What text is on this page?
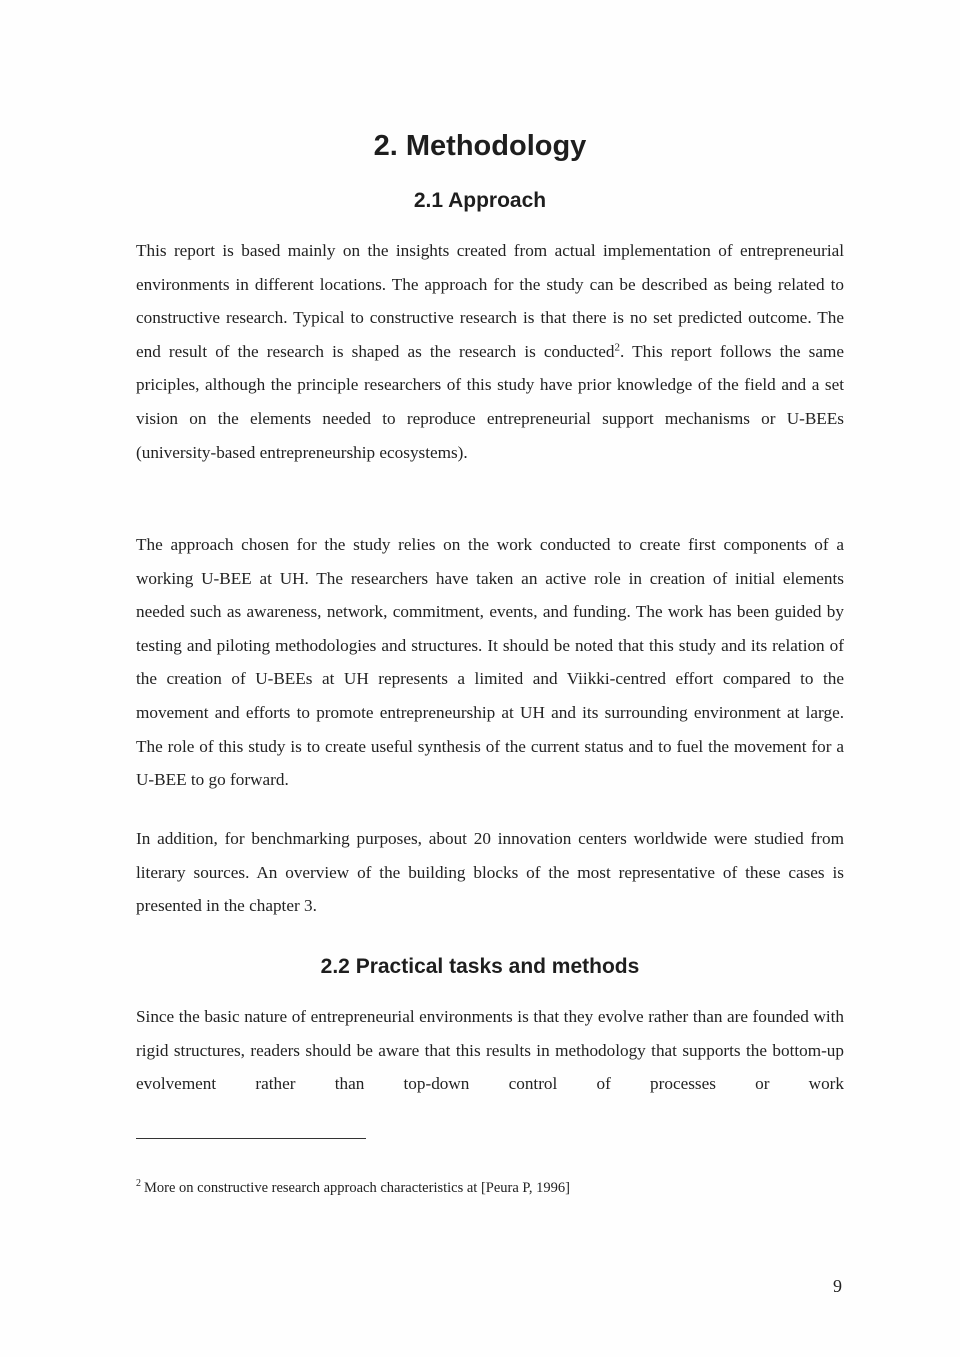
2. Methodology
2.1 Approach

This report is based mainly on the insights created from actual implementation of entrepreneurial environments in different locations. The approach for the study can be described as being related to constructive research. Typical to constructive research is that there is no set predicted outcome. The end result of the research is shaped as the research is conducted$^2$. This report follows the same priciples, although the principle researchers of this study have prior knowledge of the field and a set vision on the elements needed to reproduce entrepreneurial support mechanisms or U-BEEs (university-based entrepreneurship ecosystems).

The approach chosen for the study relies on the work conducted to create first components of a working U-BEE at UH. The researchers have taken an active role in creation of initial elements needed such as awareness, network, commitment, events, and funding. The work has been guided by testing and piloting methodologies and structures. It should be noted that this study and its relation of the creation of U-BEEs at UH represents a limited and Viikki-centred effort compared to the movement and efforts to promote entrepreneurship at UH and its surrounding environment at large. The role of this study is to create useful synthesis of the current status and to fuel the movement for a U-BEE to go forward.

In addition, for benchmarking purposes, about 20 innovation centers worldwide were studied from literary sources. An overview of the building blocks of the most representative of these cases is presented in the chapter 3.

2.2 Practical tasks and methods

Since the basic nature of entrepreneurial environments is that they evolve rather than are founded with rigid structures, readers should be aware that this results in methodology that supports the bottom-up evolvement rather than top-down control of processes or work

$^2$ More on constructive research approach characteristics at [Peura P, 1996]

9
